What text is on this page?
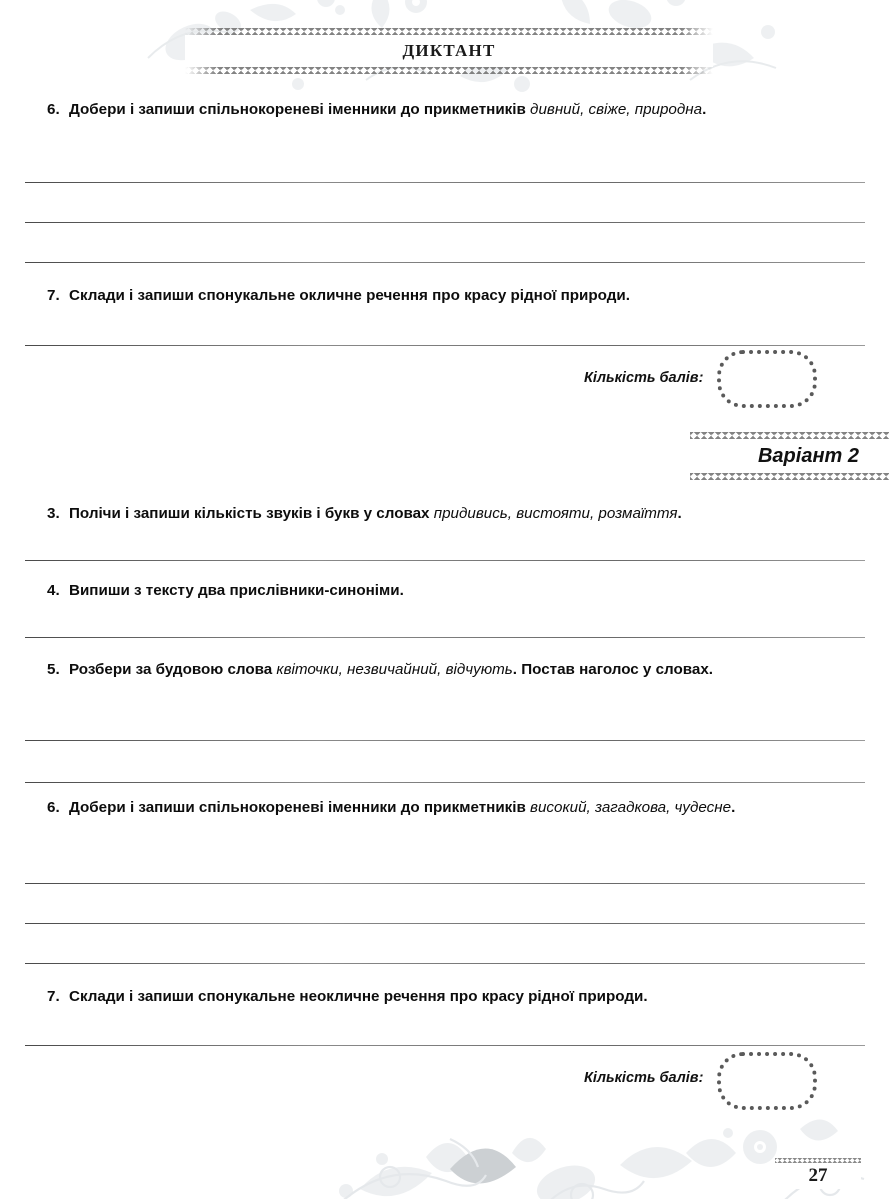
ДИКТАНТ
6. Добери і запиши спільнокореневі іменники до прикметників дивний, свіже, природна.
7. Склади і запиши спонукальне окличне речення про красу рідної природи.
Кількість балів:
Варіант 2
3. Полічи і запиши кількість звуків і букв у словах придивись, вистояти, розмаїття.
4. Випиши з тексту два прислівники-синоніми.
5. Розбери за будовою слова квіточки, незвичайний, відчують. Постав наголос у словах.
6. Добери і запиши спільнокореневі іменники до прикметників високий, загадкова, чудесне.
7. Склади і запиши спонукальне неокличне речення про красу рідної природи.
Кількість балів:
27
